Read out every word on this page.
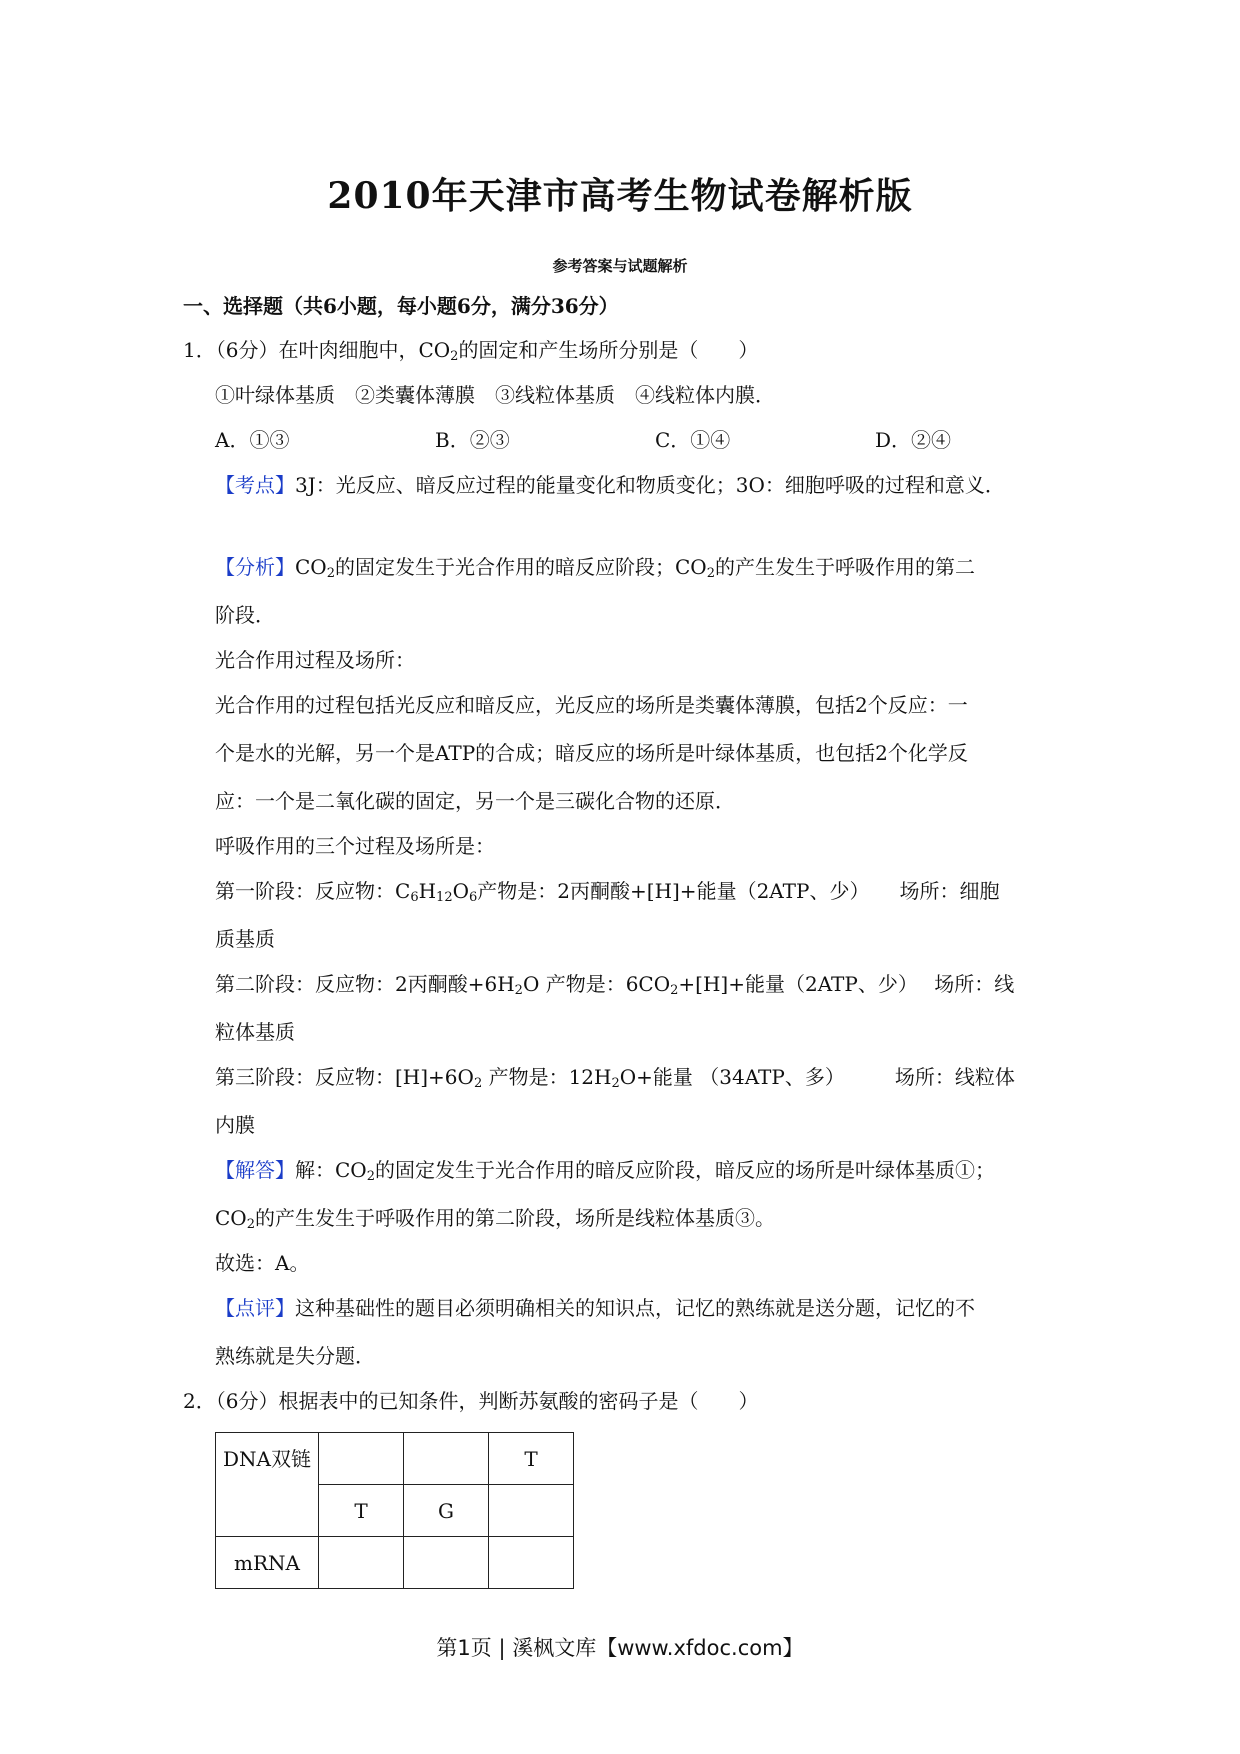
2010年天津市高考生物试卷解析版
参考答案与试题解析
一、选择题（共6小题，每小题6分，满分36分）
1．（6分）在叶肉细胞中，$CO_2$的固定和产生场所分别是（　　）
①叶绿体基质　②类囊体薄膜　③线粒体基质　④线粒体内膜．
A．①③	B．②③	C．①④	D．②④
【考点】3J：光反应、暗反应过程的能量变化和物质变化；3O：细胞呼吸的过程和意义．
【分析】$CO_2$的固定发生于光合作用的暗反应阶段；$CO_2$的产生发生于呼吸作用的第二
阶段．
光合作用过程及场所：
光合作用的过程包括光反应和暗反应，光反应的场所是类囊体薄膜，包括2个反应：一
个是水的光解，另一个是ATP的合成；暗反应的场所是叶绿体基质，也包括2个化学反
应：一个是二氧化碳的固定，另一个是三碳化合物的还原．
呼吸作用的三个过程及场所是：
第一阶段：反应物：$C_6H_{12}O_6$产物是：2丙酮酸+[H]+能量（2ATP、少）　　场所：细胞
质基质
第二阶段：反应物：2丙酮酸$+6H_2O$ 产物是：$6CO_2+[H]+$能量（2ATP、少）　 场所：线
粒体基质
第三阶段：反应物：$[H]+6O_2$ 产物是：$12H_2O+$能量 （34ATP、多）　　　场所：线粒体
内膜
【解答】解：$CO_2$的固定发生于光合作用的暗反应阶段，暗反应的场所是叶绿体基质①；
$CO_2$的产生发生于呼吸作用的第二阶段，场所是线粒体基质③。
故选：A。
【点评】这种基础性的题目必须明确相关的知识点，记忆的熟练就是送分题，记忆的不
熟练就是失分题．
2．（6分）根据表中的已知条件，判断苏氨酸的密码子是（　　）
DNA双链			T
	T	G	
mRNA			
第1页 | 溪枫文库【www.xfdoc.com】
